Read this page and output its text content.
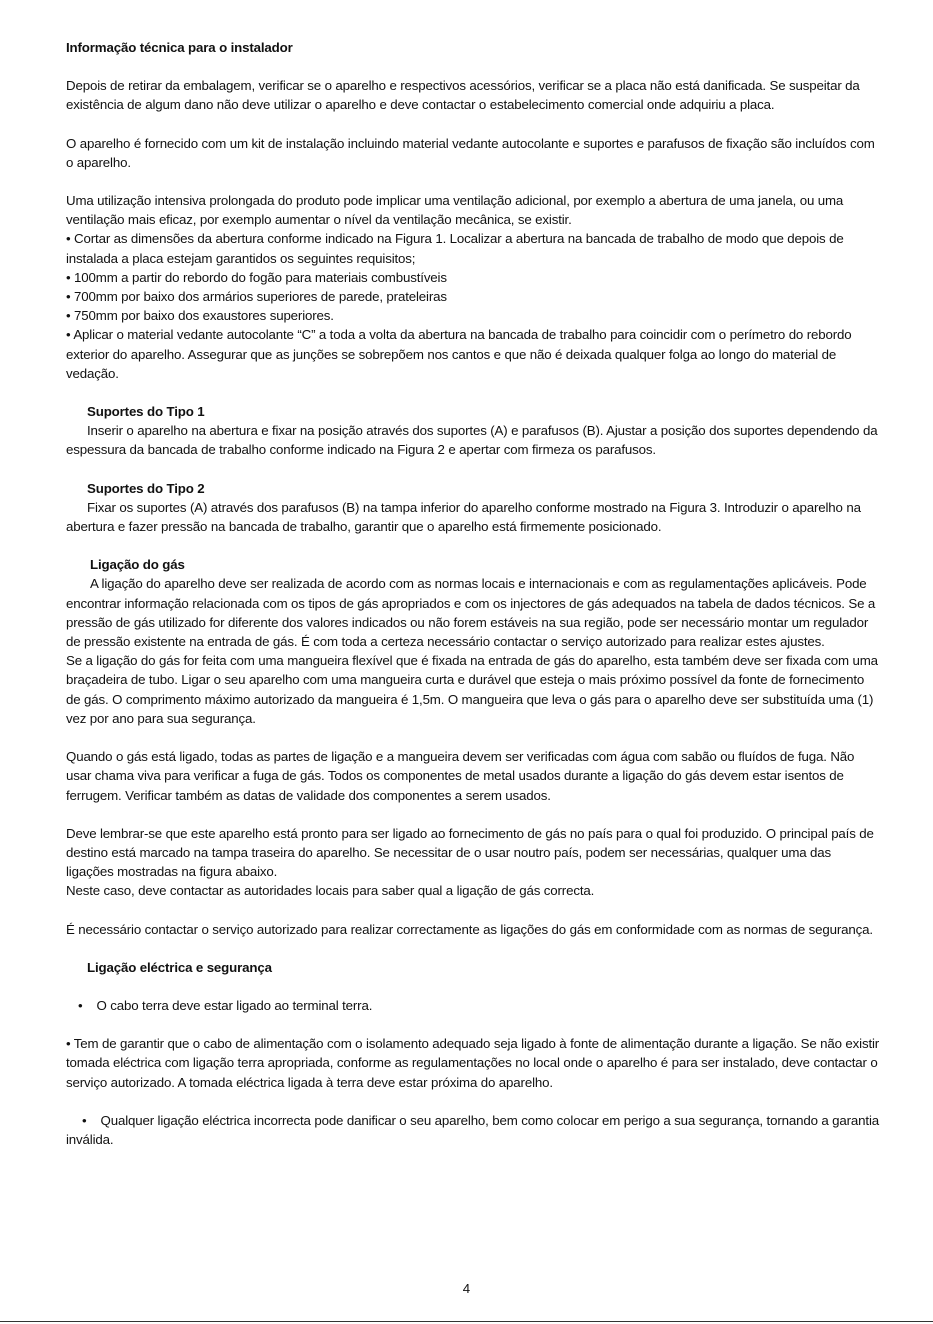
Informação técnica para o instalador

Depois de retirar da embalagem, verificar se o aparelho e respectivos acessórios, verificar se a placa não está danificada. Se suspeitar da existência de algum dano não deve utilizar o aparelho e deve contactar o estabelecimento comercial onde adquiriu a placa.

O aparelho é fornecido com um kit de instalação incluindo material vedante autocolante e suportes e parafusos de fixação são incluídos com o aparelho.

Uma utilização intensiva prolongada do produto pode implicar uma ventilação adicional, por exemplo a abertura de uma janela, ou uma ventilação mais eficaz, por exemplo aumentar o nível da ventilação mecânica, se existir.

• Cortar as dimensões da abertura conforme indicado na Figura 1. Localizar a abertura na bancada de trabalho de modo que depois de instalada a placa estejam garantidos os seguintes requisitos;

• 100mm a partir do rebordo do fogão para materiais combustíveis

• 700mm por baixo dos armários superiores de parede, prateleiras

• 750mm por baixo dos exaustores superiores.

• Aplicar o material vedante autocolante “C” a toda a volta da abertura na bancada de trabalho para coincidir com o perímetro do rebordo exterior do aparelho. Assegurar que as junções se sobrepõem nos cantos e que não é deixada qualquer folga ao longo do material de vedação.

Suportes do Tipo 1

Inserir o aparelho na abertura e fixar na posição através dos suportes (A) e parafusos (B). Ajustar a posição dos suportes dependendo da espessura da bancada de trabalho conforme indicado na Figura 2 e apertar com firmeza os parafusos.

Suportes do Tipo 2

Fixar os suportes (A) através dos parafusos (B) na tampa inferior do aparelho conforme mostrado na Figura 3. Introduzir o aparelho na abertura e fazer pressão na bancada de trabalho, garantir que o aparelho está firmemente posicionado.

Ligação do gás

A ligação do aparelho deve ser realizada de acordo com as normas locais e internacionais e com as regulamentações aplicáveis. Pode encontrar informação relacionada com os tipos de gás apropriados e com os injectores de gás adequados na tabela de dados técnicos. Se a pressão de gás utilizado for diferente dos valores indicados ou não forem estáveis na sua região, pode ser necessário montar um regulador de pressão existente na entrada de gás. É com toda a certeza necessário contactar o serviço autorizado para realizar estes ajustes.

Se a ligação do gás for feita com uma mangueira flexível que é fixada na entrada de gás do aparelho, esta também deve ser fixada com uma braçadeira de tubo. Ligar o seu aparelho com uma mangueira curta e durável que esteja o mais próximo possível da fonte de fornecimento de gás. O comprimento máximo autorizado da mangueira é 1,5m. O mangueira que leva o gás para o aparelho deve ser substituída uma (1) vez por ano para sua segurança.

Quando o gás está ligado, todas as partes de ligação e a mangueira devem ser verificadas com água com sabão ou fluídos de fuga. Não usar chama viva para verificar a fuga de gás. Todos os componentes de metal usados durante a ligação do gás devem estar isentos de ferrugem. Verificar também as datas de validade dos componentes a serem usados.

Deve lembrar-se que este aparelho está pronto para ser ligado ao fornecimento de gás no país para o qual foi produzido. O principal país de destino está marcado na tampa traseira do aparelho. Se necessitar de o usar noutro país, podem ser necessárias, qualquer uma das ligações mostradas na figura abaixo.

Neste caso, deve contactar as autoridades locais para saber qual a ligação de gás correcta.

É necessário contactar o serviço autorizado para realizar correctamente as ligações do gás em conformidade com as normas de segurança.

Ligação eléctrica e segurança

• O cabo terra deve estar ligado ao terminal terra.

• Tem de garantir que o cabo de alimentação com o isolamento adequado seja ligado à fonte de alimentação durante a ligação. Se não existir tomada eléctrica com ligação terra apropriada, conforme as regulamentações no local onde o aparelho é para ser instalado, deve contactar o serviço autorizado. A tomada eléctrica ligada à terra deve estar próxima do aparelho.

• Qualquer ligação eléctrica incorrecta pode danificar o seu aparelho, bem como colocar em perigo a sua segurança, tornando a garantia inválida.

4
